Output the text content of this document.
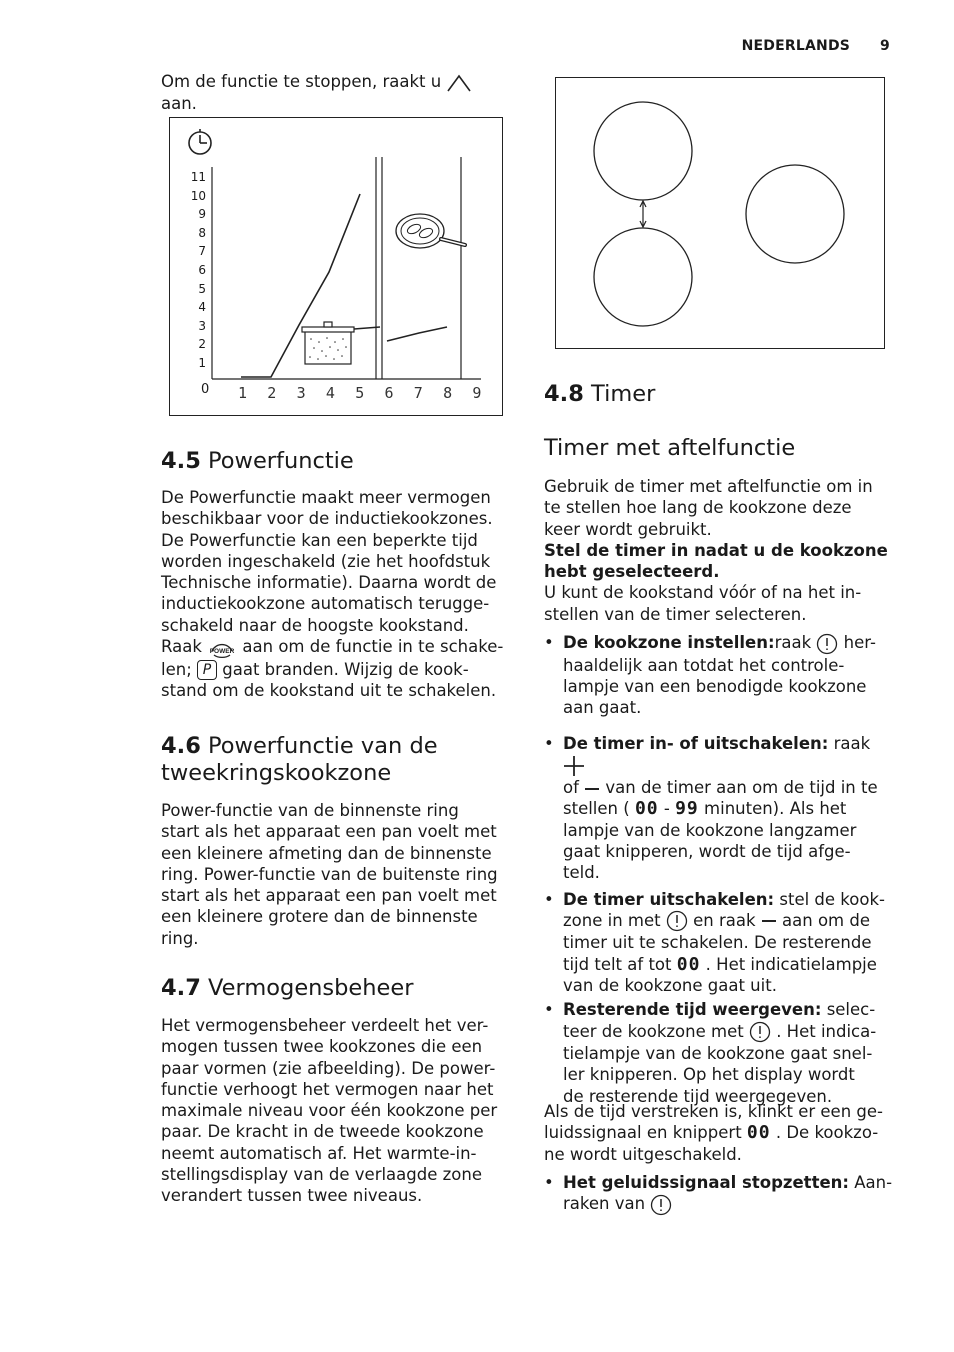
NEDERLANDS 9
Om de functie te stoppen, raakt u
aan.
11
10
9
8
7
6
5
4
3
2
1
0 1 2 3 4 5 6 7 8 9
4.5 Powerfunctie
De Powerfunctie maakt meer vermogen
beschikbaar voor de inductiekookzones.
De Powerfunctie kan een beperkte tijd
worden ingeschakeld (zie het hoofdstuk
Technische informatie). Daarna wordt de
inductiekookzone automatisch terugge-
schakeld naar de hoogste kookstand.
Raak POWER aan om de functie in te schake-
len; P gaat branden. Wijzig de kook-
stand om de kookstand uit te schakelen.
4.6 Powerfunctie van de
tweekringskookzone
Power-functie van de binnenste ring
start als het apparaat een pan voelt met
een kleinere afmeting dan de binnenste
ring. Power-functie van de buitenste ring
start als het apparaat een pan voelt met
een kleinere grotere dan de binnenste
ring.
4.7 Vermogensbeheer
Het vermogensbeheer verdeelt het ver-
mogen tussen twee kookzones die een
paar vormen (zie afbeelding). De power-
functie verhoogt het vermogen naar het
maximale niveau voor één kookzone per
paar. De kracht in de tweede kookzone
neemt automatisch af. Het warmte-in-
stellingsdisplay van de verlaagde zone
verandert tussen twee niveaus.
4.8 Timer
Timer met aftelfunctie
Gebruik de timer met aftelfunctie om in
te stellen hoe lang de kookzone deze
keer wordt gebruikt.
Stel de timer in nadat u de kookzone
hebt geselecteerd.
U kunt de kookstand vóór of na het in-
stellen van de timer selecteren.
• De kookzone instellen:raak her-
haaldelijk aan totdat het controle-
lampje van een benodigde kookzone
aan gaat.
• De timer in- of uitschakelen: raak
of van de timer aan om de tijd in te
stellen ( 00 - 99 minuten). Als het
lampje van de kookzone langzamer
gaat knipperen, wordt de tijd afge-
teld.
• De timer uitschakelen: stel de kook-
zone in met en raak aan om de
timer uit te schakelen. De resterende
tijd telt af tot 00 . Het indicatielampje
van de kookzone gaat uit.
• Resterende tijd weergeven: selec-
teer de kookzone met . Het indica-
tielampje van de kookzone gaat snel-
ler knipperen. Op het display wordt
de resterende tijd weergegeven.
Als de tijd verstreken is, klinkt er een ge-
luidssignaal en knippert 00 . De kookzo-
ne wordt uitgeschakeld.
• Het geluidssignaal stopzetten: Aan-
raken van
